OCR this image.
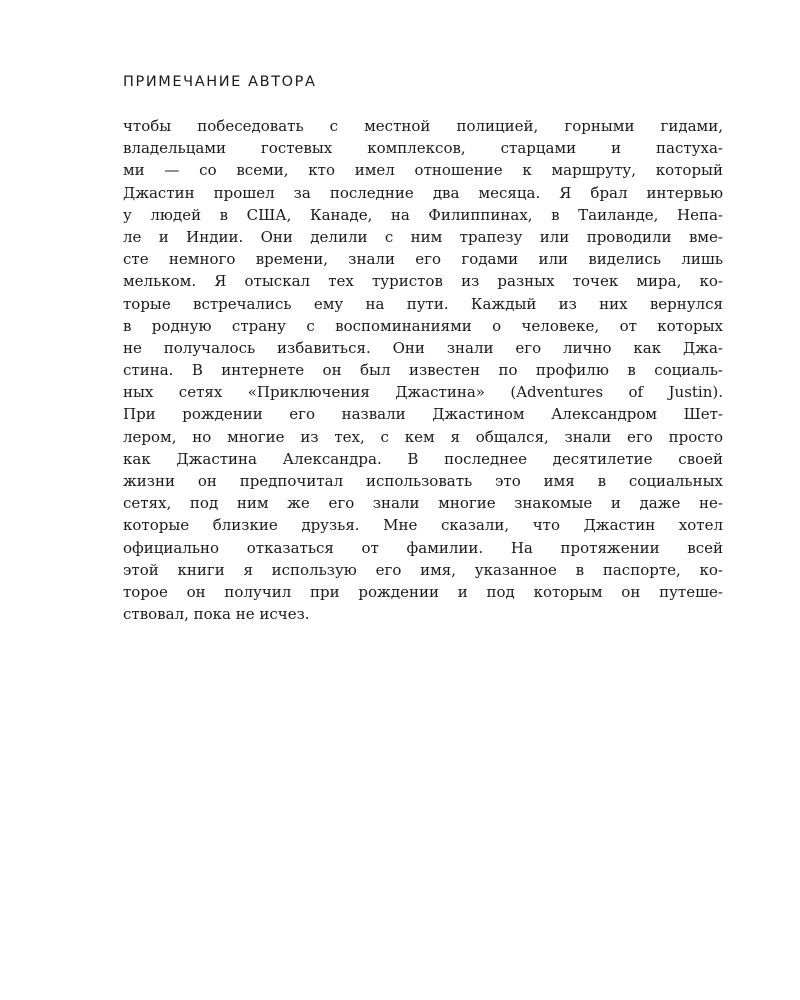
ПРИМЕЧАНИЕ АВТОРА
чтобы побеседовать с местной полицией, горными гидами,
владельцами гостевых комплексов, старцами и пастуха-
ми — со всеми, кто имел отношение к маршруту, который
Джастин прошел за последние два месяца. Я брал интервью
у людей в США, Канаде, на Филиппинах, в Таиланде, Непа-
ле и Индии. Они делили с ним трапезу или проводили вме-
сте немного времени, знали его годами или виделись лишь
мельком. Я отыскал тех туристов из разных точек мира, ко-
торые встречались ему на пути. Каждый из них вернулся
в родную страну с воспоминаниями о человеке, от которых
не получалось избавиться. Они знали его лично как Джа-
стина. В интернете он был известен по профилю в социаль-
ных сетях «Приключения Джастина» (Adventures of Justin).
При рождении его назвали Джастином Александром Шет-
лером, но многие из тех, с кем я общался, знали его просто
как Джастина Александра. В последнее десятилетие своей
жизни он предпочитал использовать это имя в социальных
сетях, под ним же его знали многие знакомые и даже не-
которые близкие друзья. Мне сказали, что Джастин хотел
официально отказаться от фамилии. На протяжении всей
этой книги я использую его имя, указанное в паспорте, ко-
торое он получил при рождении и под которым он путеше-
ствовал, пока не исчез.
